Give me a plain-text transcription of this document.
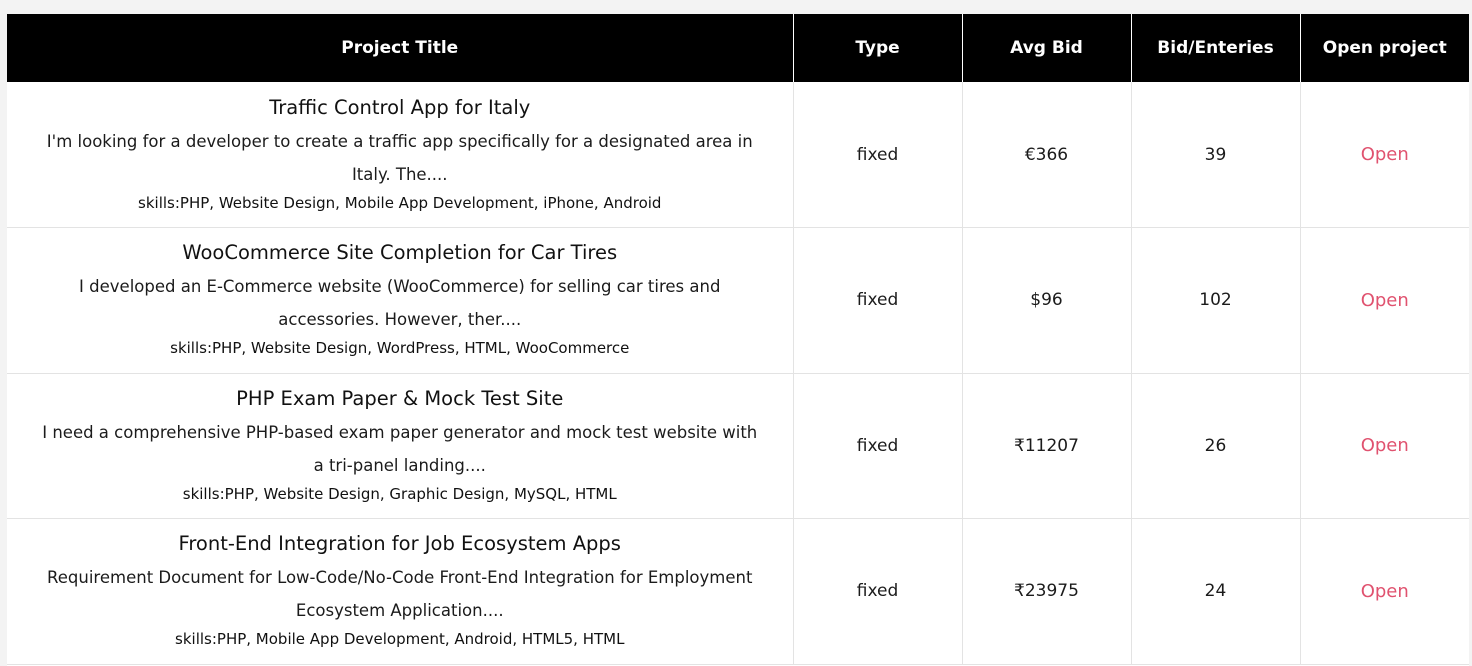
Project Title	Type	Avg Bid	Bid/Enteries	Open project

Traffic Control App for Italy
I'm looking for a developer to create a traffic app specifically for a designated area in Italy. The....
skills:PHP, Website Design, Mobile App Development, iPhone, Android	fixed	€366	39	Open

WooCommerce Site Completion for Car Tires
I developed an E-Commerce website (WooCommerce) for selling car tires and accessories. However, ther....
skills:PHP, Website Design, WordPress, HTML, WooCommerce	fixed	$96	102	Open

PHP Exam Paper & Mock Test Site
I need a comprehensive PHP-based exam paper generator and mock test website with a tri-panel landing....
skills:PHP, Website Design, Graphic Design, MySQL, HTML	fixed	₹11207	26	Open

Front-End Integration for Job Ecosystem Apps
Requirement Document for Low-Code/No-Code Front-End Integration for Employment Ecosystem Application....
skills:PHP, Mobile App Development, Android, HTML5, HTML	fixed	₹23975	24	Open
